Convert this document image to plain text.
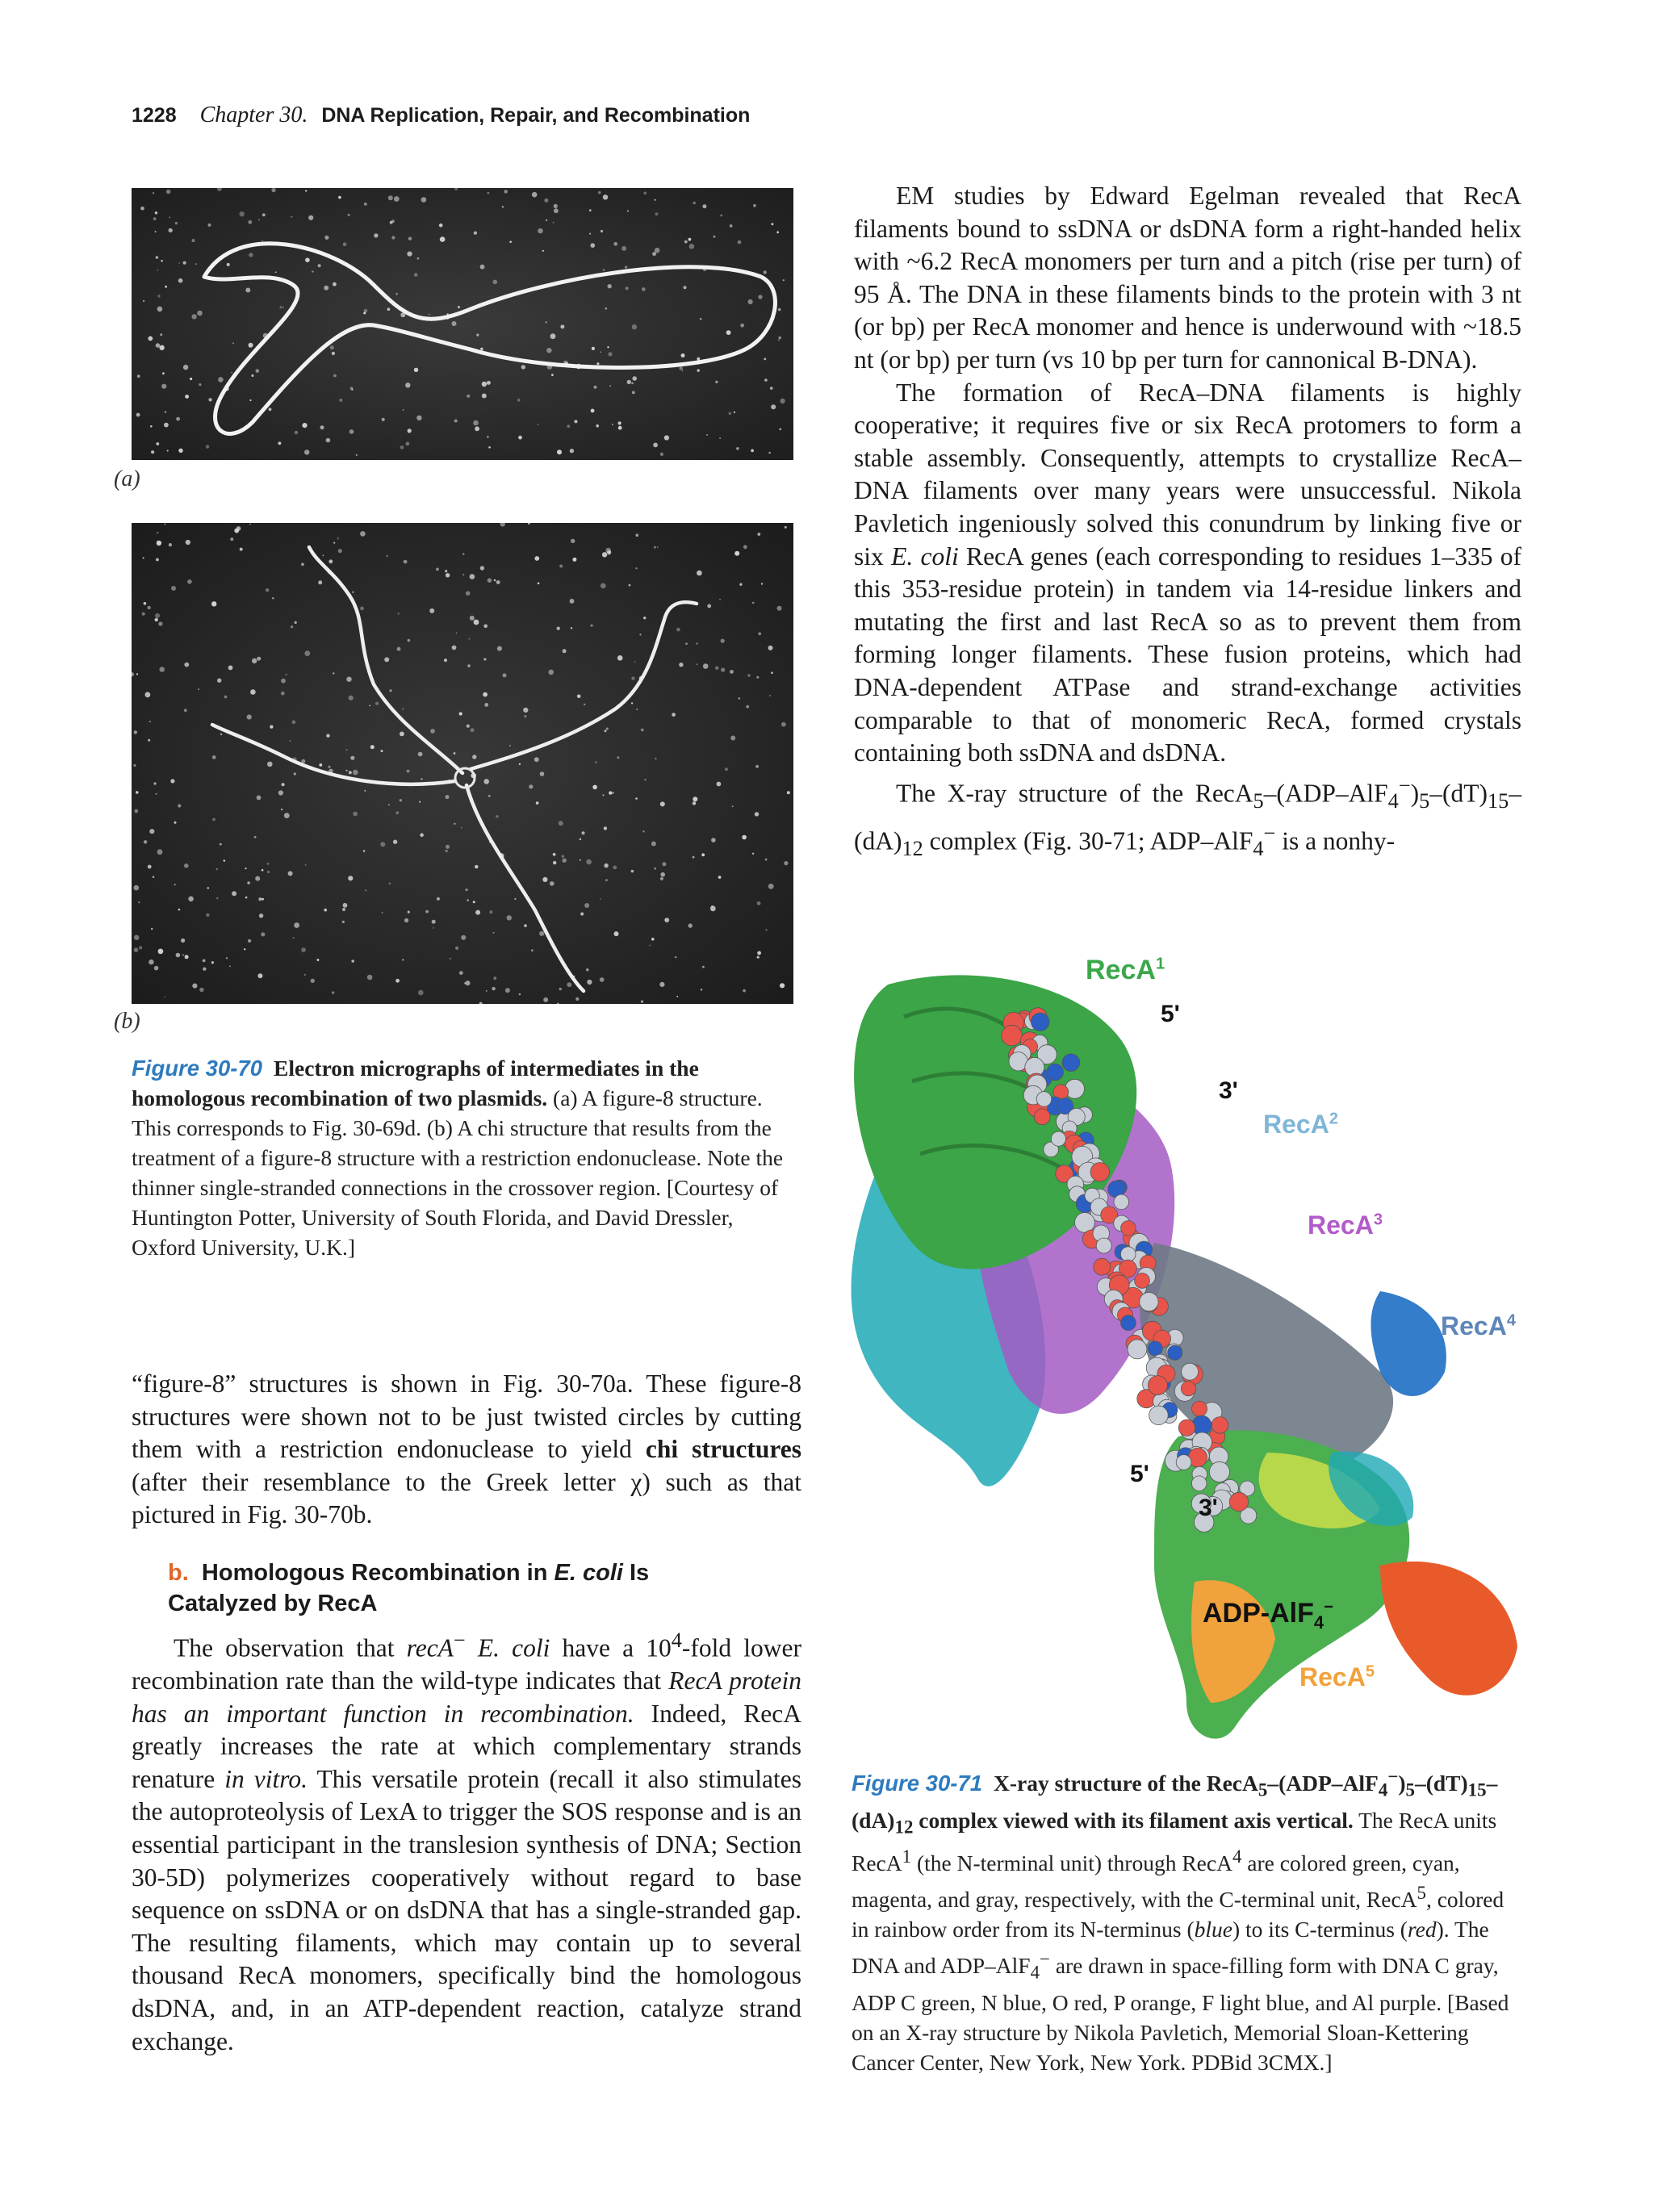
1228 Chapter 30. DNA Replication, Repair, and Recombination
(a)
(b)
Figure 30-70 Electron micrographs of intermediates in the homologous recombination of two plasmids. (a) A figure-8 structure. This corresponds to Fig. 30-69d. (b) A chi structure that results from the treatment of a figure-8 structure with a restriction endonuclease. Note the thinner single-stranded connections in the crossover region. [Courtesy of Huntington Potter, University of South Florida, and David Dressler, Oxford University, U.K.]

“figure-8” structures is shown in Fig. 30-70a. These figure-8 structures were shown not to be just twisted circles by cutting them with a restriction endonuclease to yield chi structures (after their resemblance to the Greek letter χ) such as that pictured in Fig. 30-70b.

b. Homologous Recombination in E. coli Is
Catalyzed by RecA

The observation that recA− E. coli have a $10^4$-fold lower recombination rate than the wild-type indicates that RecA protein has an important function in recombination. Indeed, RecA greatly increases the rate at which complementary strands renature in vitro. This versatile protein (recall it also stimulates the autoproteolysis of LexA to trigger the SOS response and is an essential participant in the translesion synthesis of DNA; Section 30-5D) polymerizes cooperatively without regard to base sequence on ssDNA or on dsDNA that has a single-stranded gap. The resulting filaments, which may contain up to several thousand RecA monomers, specifically bind the homologous dsDNA, and, in an ATP-dependent reaction, catalyze strand exchange.

EM studies by Edward Egelman revealed that RecA filaments bound to ssDNA or dsDNA form a right-handed helix with ~6.2 RecA monomers per turn and a pitch (rise per turn) of 95 Å. The DNA in these filaments binds to the protein with 3 nt (or bp) per RecA monomer and hence is underwound with ~18.5 nt (or bp) per turn (vs 10 bp per turn for cannonical B-DNA).

The formation of RecA–DNA filaments is highly cooperative; it requires five or six RecA protomers to form a stable assembly. Consequently, attempts to crystallize RecA–DNA filaments over many years were unsuccessful. Nikola Pavletich ingeniously solved this conundrum by linking five or six E. coli RecA genes (each corresponding to residues 1–335 of this 353-residue protein) in tandem via 14-residue linkers and mutating the first and last RecA so as to prevent them from forming longer filaments. These fusion proteins, which had DNA-dependent ATPase and strand-exchange activities comparable to that of monomeric RecA, formed crystals containing both ssDNA and dsDNA.

The X-ray structure of the $RecA_5-(ADP-AlF_4^-)_5-(dT)_{15}-(dA)_{12}$ complex (Fig. 30-71; ADP–AlF$_4$− is a nonhy-

RecA$^1$
5'
3'
RecA$^2$
RecA$^3$
RecA$^4$
5'
3'
ADP-AlF$_4$−
RecA$^5$
Figure 30-71 X-ray structure of the $RecA_5-(ADP-AlF_4^-)_5-(dT)_{15}-(dA)_{12}$ complex viewed with its filament axis vertical. The RecA units RecA$^1$ (the N-terminal unit) through RecA$^4$ are colored green, cyan, magenta, and gray, respectively, with the C-terminal unit, RecA$^5$, colored in rainbow order from its N-terminus (blue) to its C-terminus (red). The DNA and ADP–AlF$_4$− are drawn in space-filling form with DNA C gray, ADP C green, N blue, O red, P orange, F light blue, and Al purple. [Based on an X-ray structure by Nikola Pavletich, Memorial Sloan-Kettering Cancer Center, New York, New York. PDBid 3CMX.]
